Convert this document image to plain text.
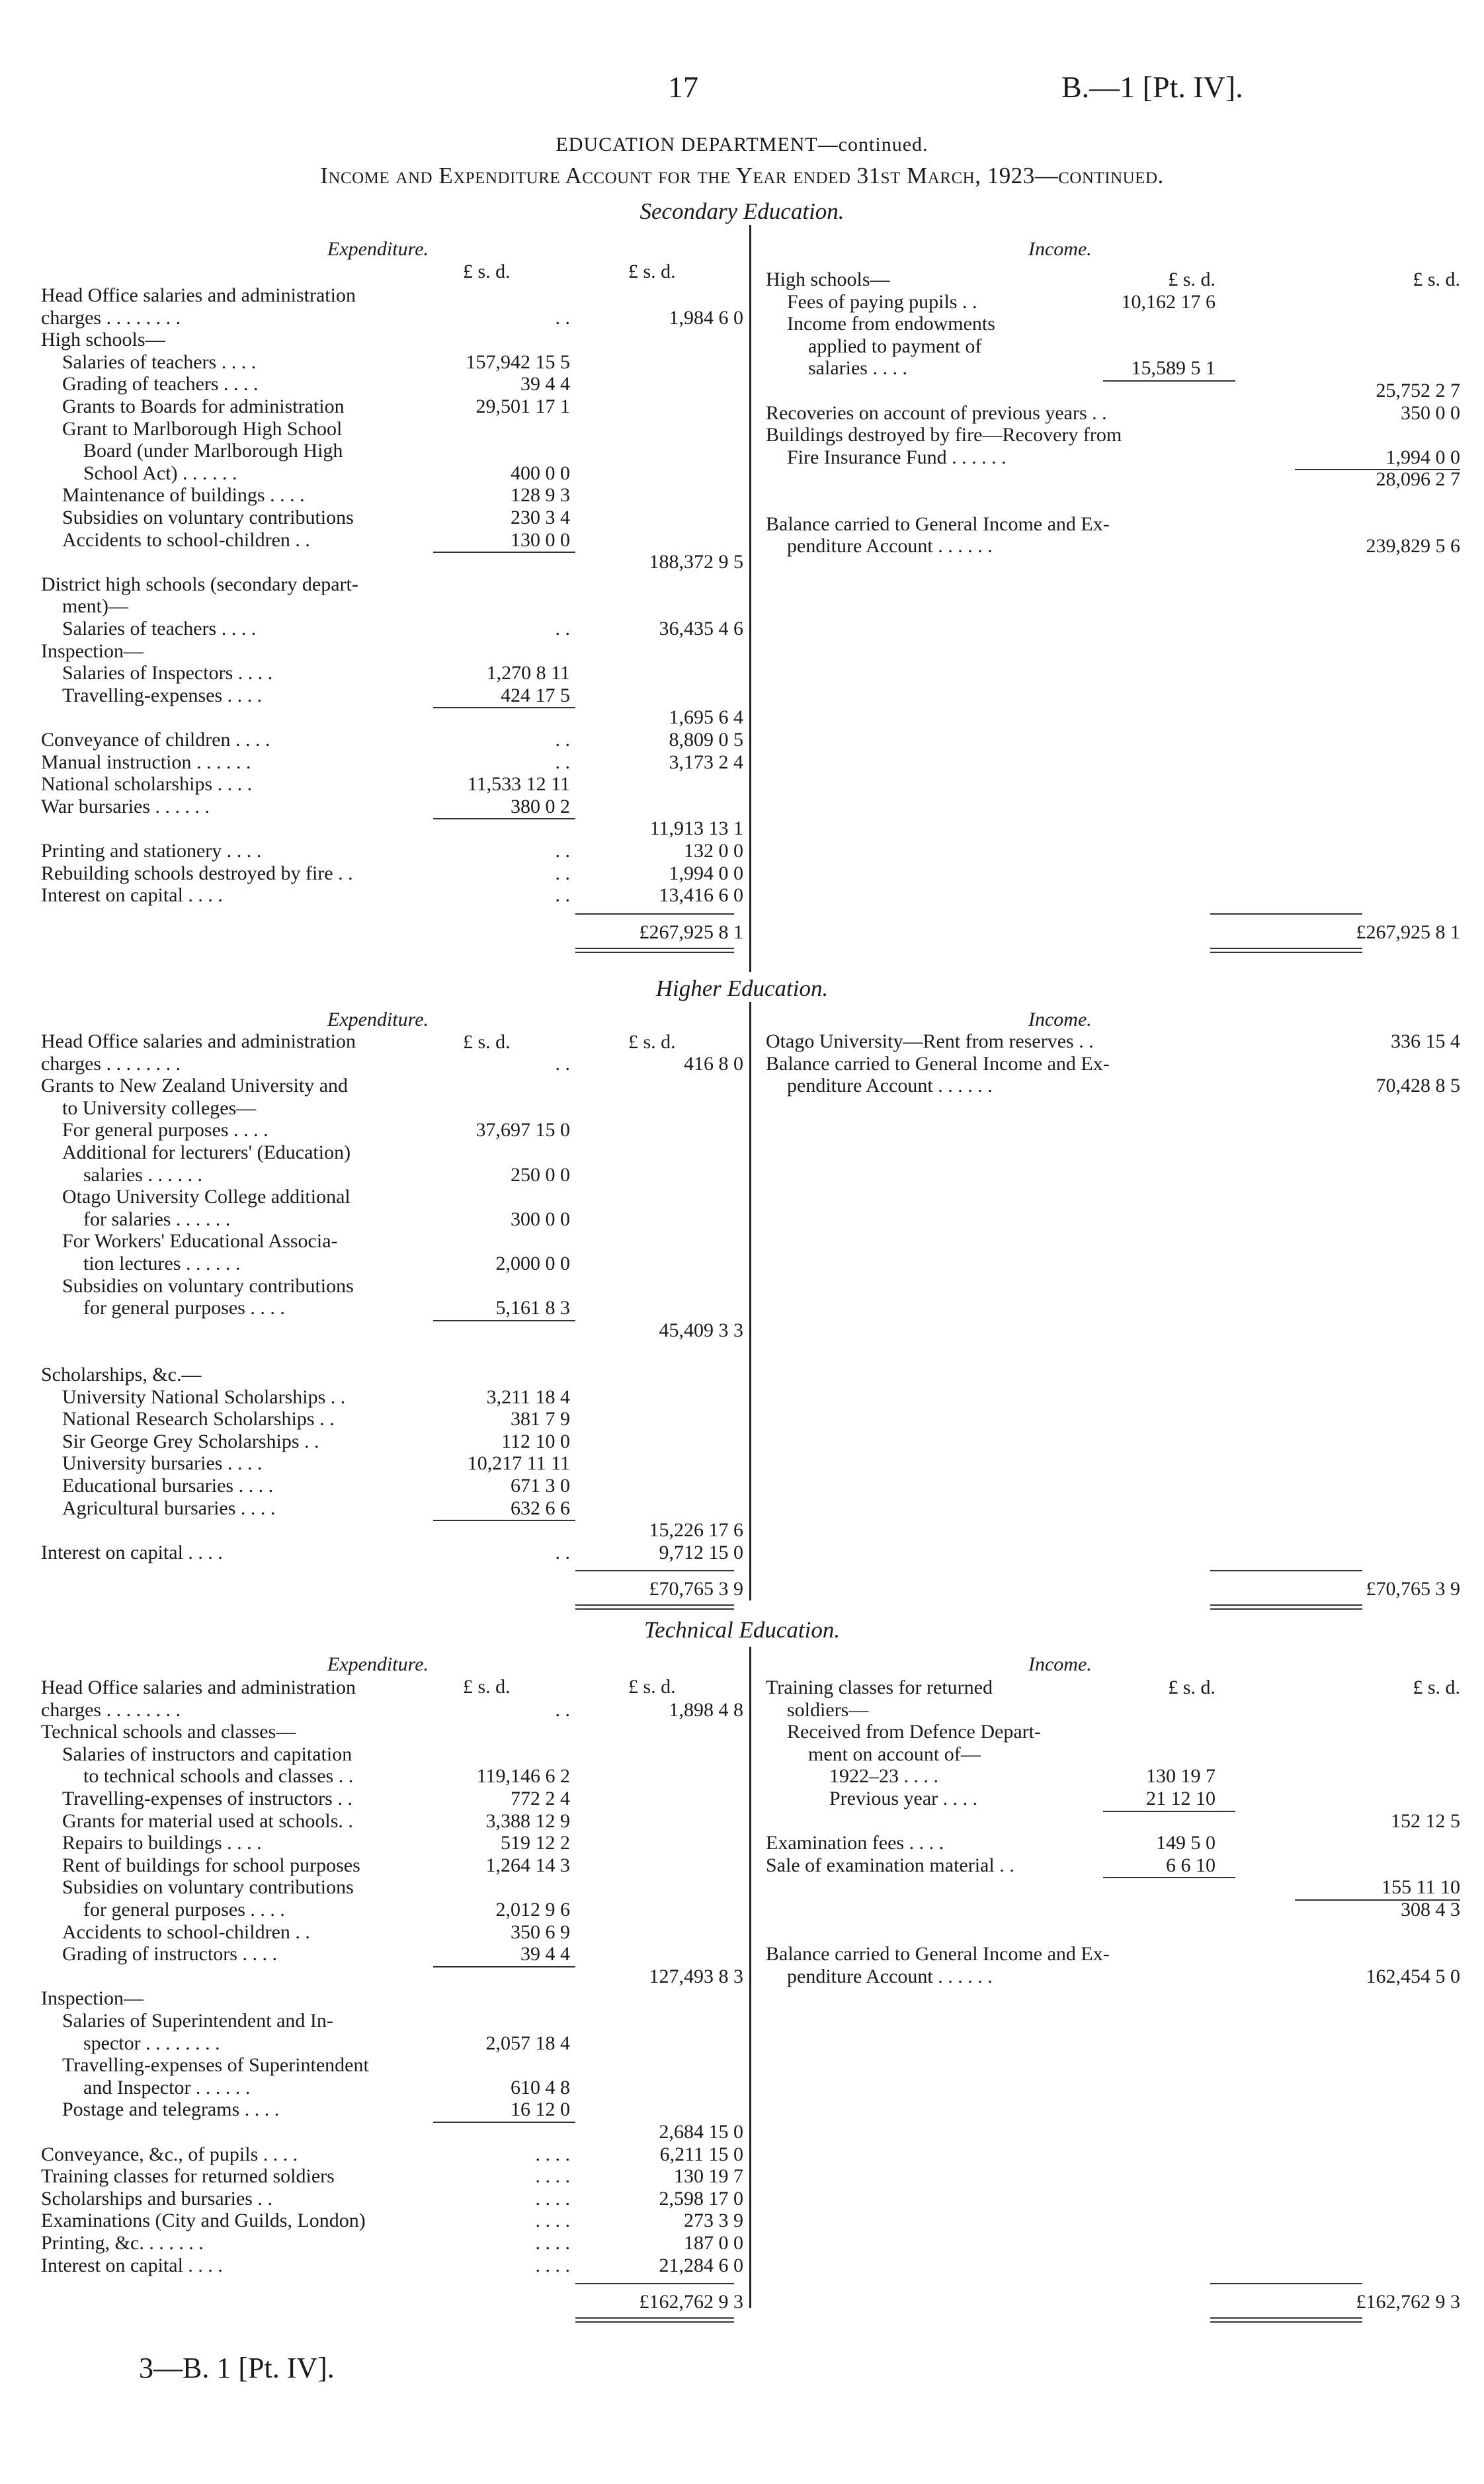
17	B.—1 [Pt. IV].
EDUCATION DEPARTMENT—continued.
Income and Expenditure Account for the Year ended 31st March, 1923—continued.
Secondary Education.
Expenditure.	Income.
£ s. d.	£ s. d.
Head Office salaries and administration
charges . . . . . . . .	. .	1,984 6 0
High schools—
Salaries of teachers . . . .	157,942 15 5
Grading of teachers . . . .	39 4 4
Grants to Boards for administration	29,501 17 1
Grant to Marlborough High School
Board (under Marlborough High
School Act) . . . . . .	400 0 0
Maintenance of buildings . . . .	128 9 3
Subsidies on voluntary contributions	230 3 4
Accidents to school-children . .	130 0 0
188,372 9 5
District high schools (secondary depart-
ment)—
Salaries of teachers . . . .	. .	36,435 4 6
Inspection—
Salaries of Inspectors . . . .	1,270 8 11
Travelling-expenses . . . .	424 17 5
1,695 6 4
Conveyance of children . . . .	. .	8,809 0 5
Manual instruction . . . . . .	. .	3,173 2 4
National scholarships . . . .	11,533 12 11
War bursaries . . . . . .	380 0 2
11,913 13 1
Printing and stationery . . . .	. .	132 0 0
Rebuilding schools destroyed by fire . .	. .	1,994 0 0
Interest on capital . . . .	. .	13,416 6 0
£267,925 8 1
High schools—	£ s. d.	£ s. d.
Fees of paying pupils . .	10,162 17 6
Income from endowments
applied to payment of
salaries . . . .	15,589 5 1
25,752 2 7
Recoveries on account of previous years . .	350 0 0
Buildings destroyed by fire—Recovery from
Fire Insurance Fund . . . . . .	1,994 0 0
28,096 2 7
Balance carried to General Income and Ex-
penditure Account . . . . . .	239,829 5 6
£267,925 8 1
Higher Education.
Expenditure.	Income.
£ s. d.	£ s. d.
Head Office salaries and administration
charges . . . . . . . .	. .	416 8 0
Grants to New Zealand University and
to University colleges—
For general purposes . . . .	37,697 15 0
Additional for lecturers' (Education)
salaries . . . . . .	250 0 0
Otago University College additional
for salaries . . . . . .	300 0 0
For Workers' Educational Associa-
tion lectures . . . . . .	2,000 0 0
Subsidies on voluntary contributions
for general purposes . . . .	5,161 8 3
45,409 3 3
Scholarships, &c.—
University National Scholarships . .	3,211 18 4
National Research Scholarships . .	381 7 9
Sir George Grey Scholarships . .	112 10 0
University bursaries . . . .	10,217 11 11
Educational bursaries . . . .	671 3 0
Agricultural bursaries . . . .	632 6 6
15,226 17 6
Interest on capital . . . .	. .	9,712 15 0
£70,765 3 9
Otago University—Rent from reserves . .	336 15 4
Balance carried to General Income and Ex-
penditure Account . . . . . .	70,428 8 5
£70,765 3 9
Technical Education.
Expenditure.	Income.
£ s. d.	£ s. d.
Head Office salaries and administration
charges . . . . . . . .	. .	1,898 4 8
Technical schools and classes—
Salaries of instructors and capitation
to technical schools and classes . .	119,146 6 2
Travelling-expenses of instructors . .	772 2 4
Grants for material used at schools. .	3,388 12 9
Repairs to buildings . . . .	519 12 2
Rent of buildings for school purposes	1,264 14 3
Subsidies on voluntary contributions
for general purposes . . . .	2,012 9 6
Accidents to school-children . .	350 6 9
Grading of instructors . . . .	39 4 4
127,493 8 3
Inspection—
Salaries of Superintendent and In-
spector . . . . . . . .	2,057 18 4
Travelling-expenses of Superintendent
and Inspector . . . . . .	610 4 8
Postage and telegrams . . . .	16 12 0
2,684 15 0
Conveyance, &c., of pupils . . . .	. . . .	6,211 15 0
Training classes for returned soldiers	. . . .	130 19 7
Scholarships and bursaries . .	. . . .	2,598 17 0
Examinations (City and Guilds, London)	. . . .	273 3 9
Printing, &c. . . . . . .	. . . .	187 0 0
Interest on capital . . . .	. . . .	21,284 6 0
£162,762 9 3
Training classes for returned	£ s. d.	£ s. d.
soldiers—
Received from Defence Depart-
ment on account of—
1922–23 . . . .	130 19 7
Previous year . . . .	21 12 10
152 12 5
Examination fees . . . .	149 5 0
Sale of examination material . .	6 6 10
155 11 10
308 4 3
Balance carried to General Income and Ex-
penditure Account . . . . . .	162,454 5 0
£162,762 9 3
3—B. 1 [Pt. IV].
